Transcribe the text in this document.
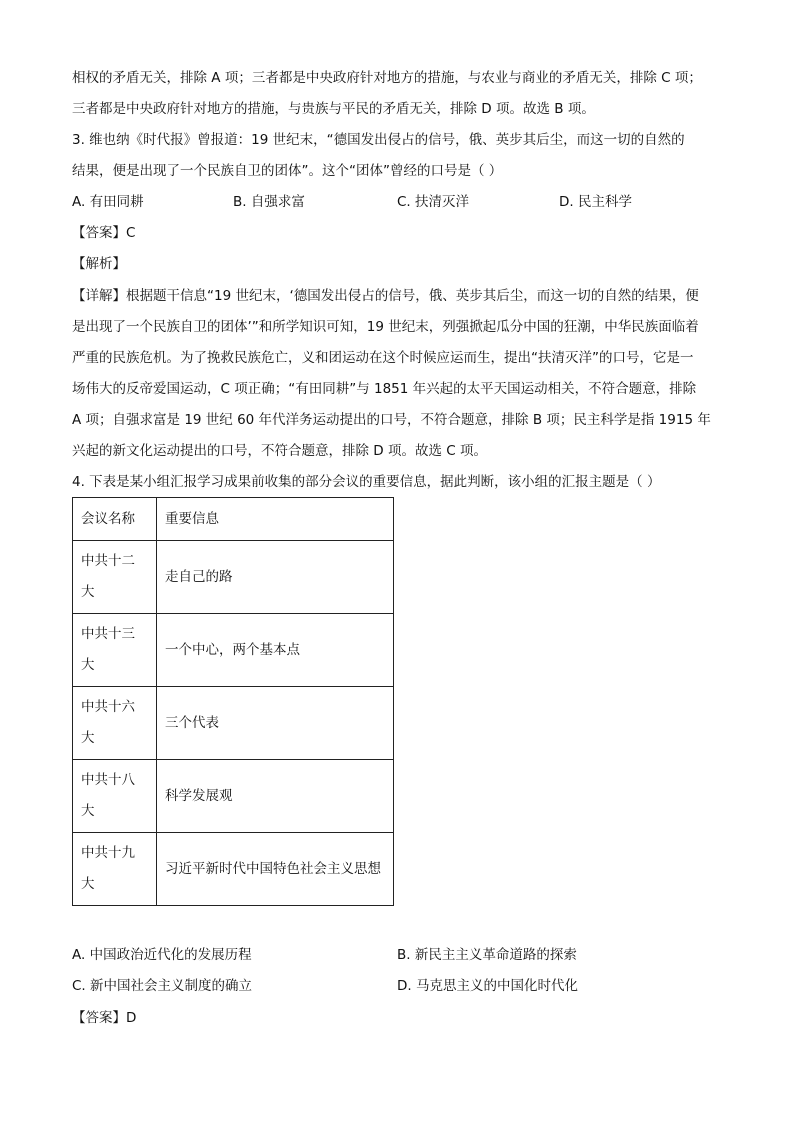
相权的矛盾无关，排除 A 项；三者都是中央政府针对地方的措施，与农业与商业的矛盾无关，排除 C 项；
三者都是中央政府针对地方的措施，与贵族与平民的矛盾无关，排除 D 项。故选 B 项。
3. 维也纳《时代报》曾报道：19 世纪末，“德国发出侵占的信号，俄、英步其后尘，而这一切的自然的
结果，便是出现了一个民族自卫的团体”。这个“团体”曾经的口号是（ ）
A. 有田同耕	B. 自强求富	C. 扶清灭洋	D. 民主科学
【答案】C
【解析】
【详解】根据题干信息“19 世纪末，‘德国发出侵占的信号，俄、英步其后尘，而这一切的自然的结果，便
是出现了一个民族自卫的团体’”和所学知识可知，19 世纪末，列强掀起瓜分中国的狂潮，中华民族面临着
严重的民族危机。为了挽救民族危亡，义和团运动在这个时候应运而生，提出“扶清灭洋”的口号，它是一
场伟大的反帝爱国运动，C 项正确；“有田同耕”与 1851 年兴起的太平天国运动相关，不符合题意，排除
A 项；自强求富是 19 世纪 60 年代洋务运动提出的口号，不符合题意，排除 B 项；民主科学是指 1915 年
兴起的新文化运动提出的口号，不符合题意，排除 D 项。故选 C 项。
4. 下表是某小组汇报学习成果前收集的部分会议的重要信息，据此判断，该小组的汇报主题是（ ）
会议名称	重要信息
中共十二大	走自己的路
中共十三大	一个中心，两个基本点
中共十六大	三个代表
中共十八大	科学发展观
中共十九大	习近平新时代中国特色社会主义思想
A. 中国政治近代化的发展历程	B. 新民主主义革命道路的探索
C. 新中国社会主义制度的确立	D. 马克思主义的中国化时代化
【答案】D
